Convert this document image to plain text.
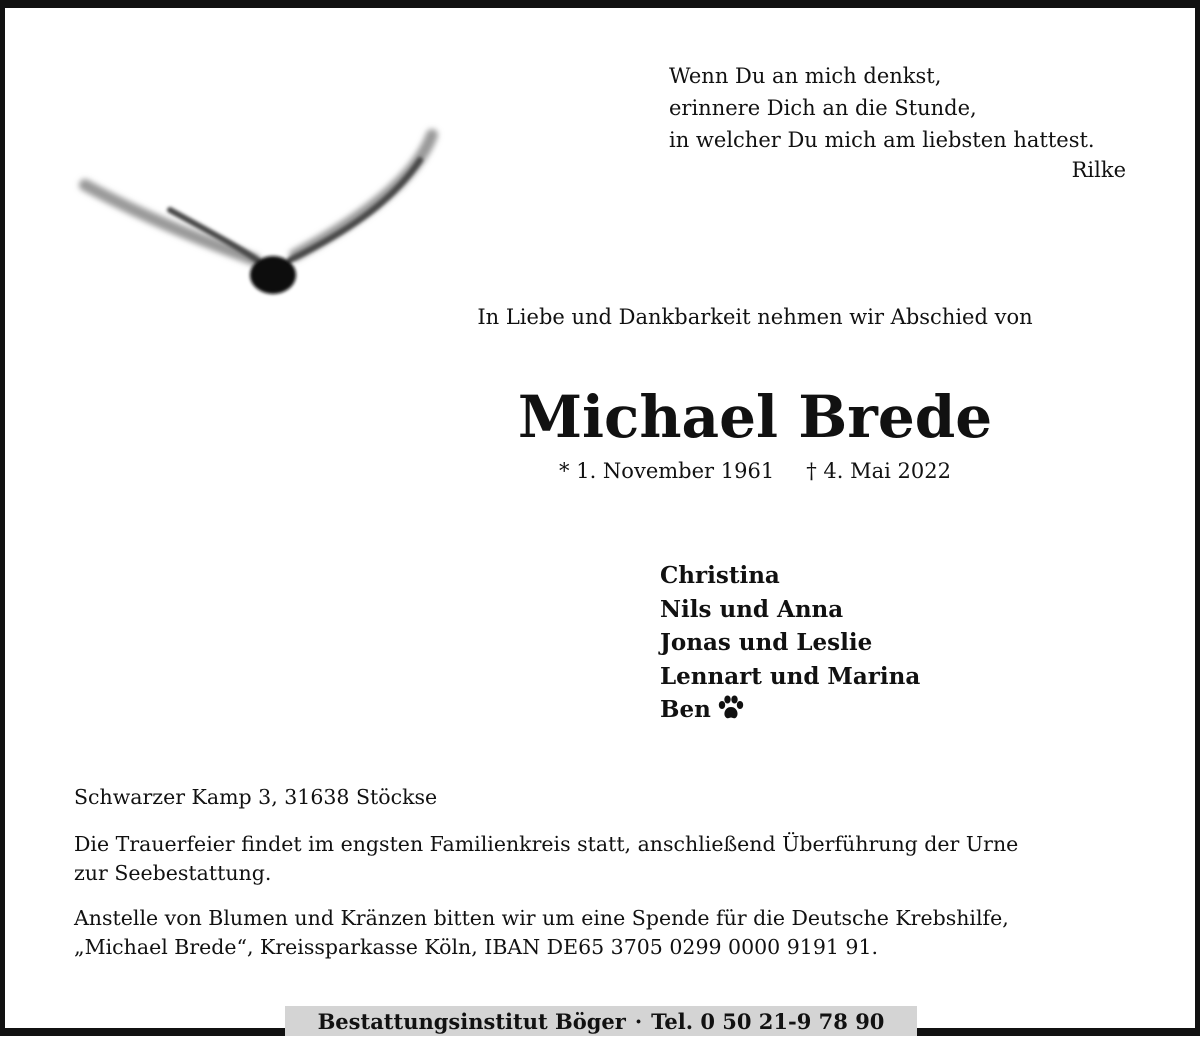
Wenn Du an mich denkst,
erinnere Dich an die Stunde,
in welcher Du mich am liebsten hattest.
Rilke
In Liebe und Dankbarkeit nehmen wir Abschied von
Michael Brede
* 1. November 1961 † 4. Mai 2022
Christina
Nils und Anna
Jonas und Leslie
Lennart und Marina
Ben
Schwarzer Kamp 3, 31638 Stöckse
Die Trauerfeier findet im engsten Familienkreis statt, anschließend Überführung der Urne
zur Seebestattung.
Anstelle von Blumen und Kränzen bitten wir um eine Spende für die Deutsche Krebshilfe,
„Michael Brede“, Kreissparkasse Köln, IBAN DE65 3705 0299 0000 9191 91.
Bestattungsinstitut Böger · Tel. 0 50 21-9 78 90
